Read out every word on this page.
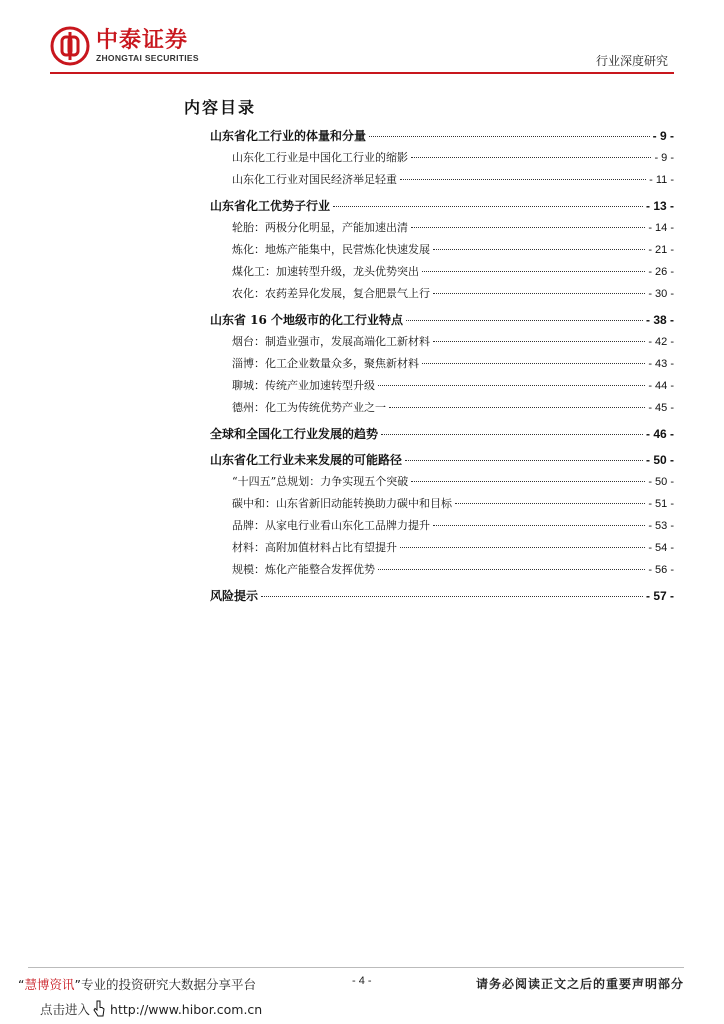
中泰证券
ZHONGTAI SECURITIES	行业深度研究
内容目录
山东省化工行业的体量和分量	- 9 -
山东化工行业是中国化工行业的缩影	- 9 -
山东化工行业对国民经济举足轻重	- 11 -
山东省化工优势子行业	- 13 -
轮胎：两极分化明显，产能加速出清	- 14 -
炼化：地炼产能集中，民营炼化快速发展	- 21 -
煤化工：加速转型升级，龙头优势突出	- 26 -
农化：农药差异化发展，复合肥景气上行	- 30 -
山东省 16 个地级市的化工行业特点	- 38 -
烟台：制造业强市，发展高端化工新材料	- 42 -
淄博：化工企业数量众多，聚焦新材料	- 43 -
聊城：传统产业加速转型升级	- 44 -
德州：化工为传统优势产业之一	- 45 -
全球和全国化工行业发展的趋势	- 46 -
山东省化工行业未来发展的可能路径	- 50 -
“十四五”总规划：力争实现五个突破	- 50 -
碳中和：山东省新旧动能转换助力碳中和目标	- 51 -
品牌：从家电行业看山东化工品牌力提升	- 53 -
材料：高附加值材料占比有望提升	- 54 -
规模：炼化产能整合发挥优势	- 56 -
风险提示	- 57 -
“慧博资讯”专业的投资研究大数据分享平台	- 4 -	请务必阅读正文之后的重要声明部分
点击进入 http://www.hibor.com.cn
